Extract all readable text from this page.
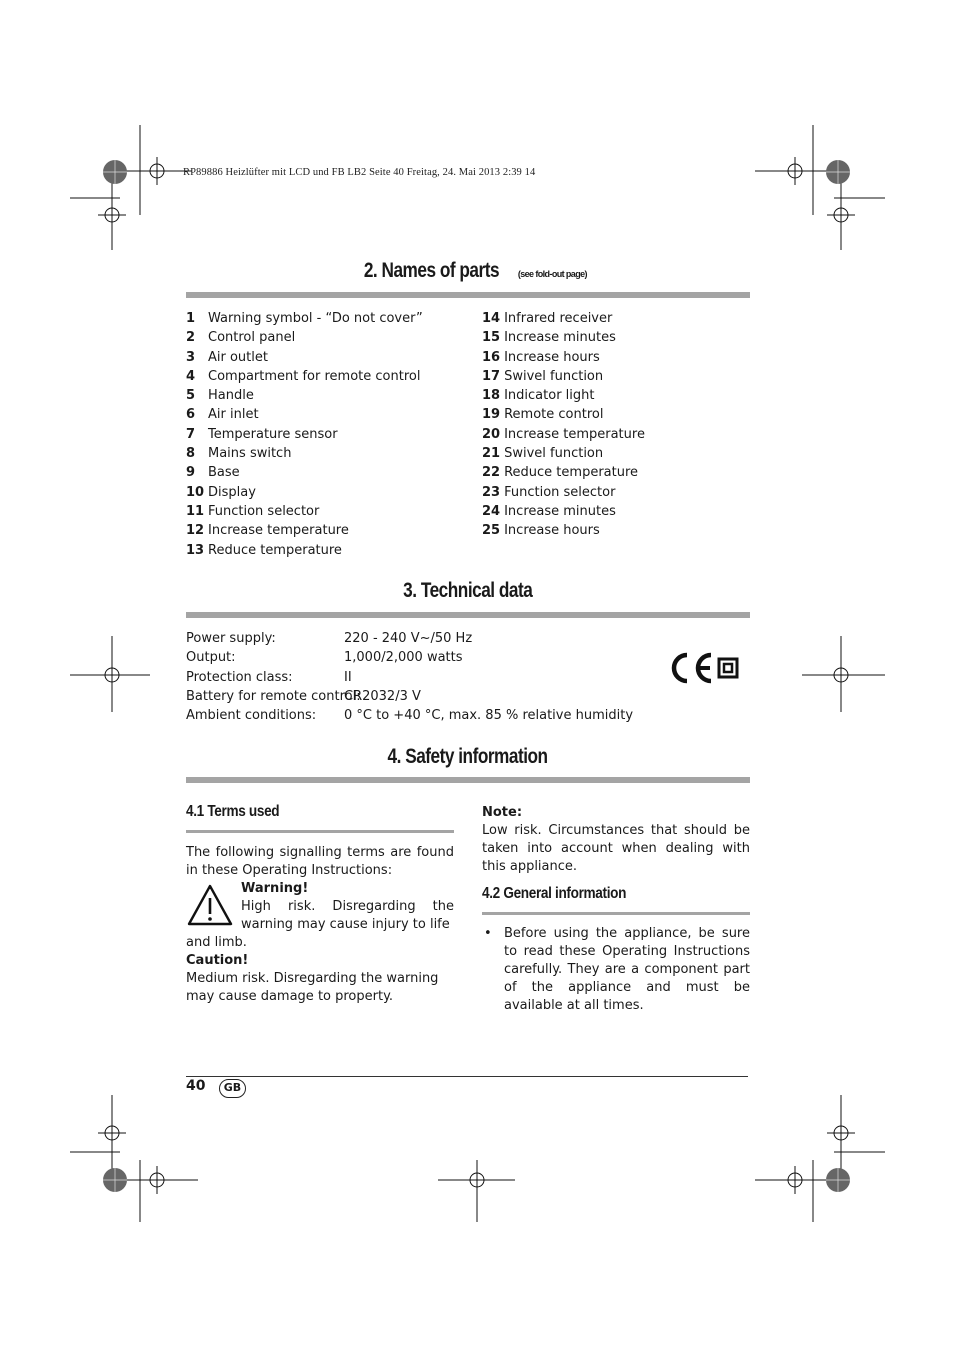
RP89886 Heizlüfter mit LCD und FB LB2 Seite 40 Freitag, 24. Mai 2013 2:39 14
2. Names of parts (see fold-out page)
1 Warning symbol - “Do not cover”
2 Control panel
3 Air outlet
4 Compartment for remote control
5 Handle
6 Air inlet
7 Temperature sensor
8 Mains switch
9 Base
10 Display
11 Function selector
12 Increase temperature
13 Reduce temperature
14 Infrared receiver
15 Increase minutes
16 Increase hours
17 Swivel function
18 Indicator light
19 Remote control
20 Increase temperature
21 Swivel function
22 Reduce temperature
23 Function selector
24 Increase minutes
25 Increase hours
3. Technical data
Power supply:	220 - 240 V~/50 Hz
Output:	1,000/2,000 watts
Protection class:	II
Battery for remote control:
CR2032/3 V
Ambient conditions: 0 °C to +40 °C, max. 85 % relative humidity
4. Safety information
4.1 Terms used
The following signalling terms are found in these Operating Instructions:
Warning!
High risk. Disregarding the warning may cause injury to life
and limb.
Caution!
Medium risk. Disregarding the warning may cause damage to property.
Note:
Low risk. Circumstances that should be taken into account when dealing with this appliance.
4.2 General information
• Before using the appliance, be sure to read these Operating Instructions carefully. They are a component part of the appliance and must be available at all times.
40	GB
